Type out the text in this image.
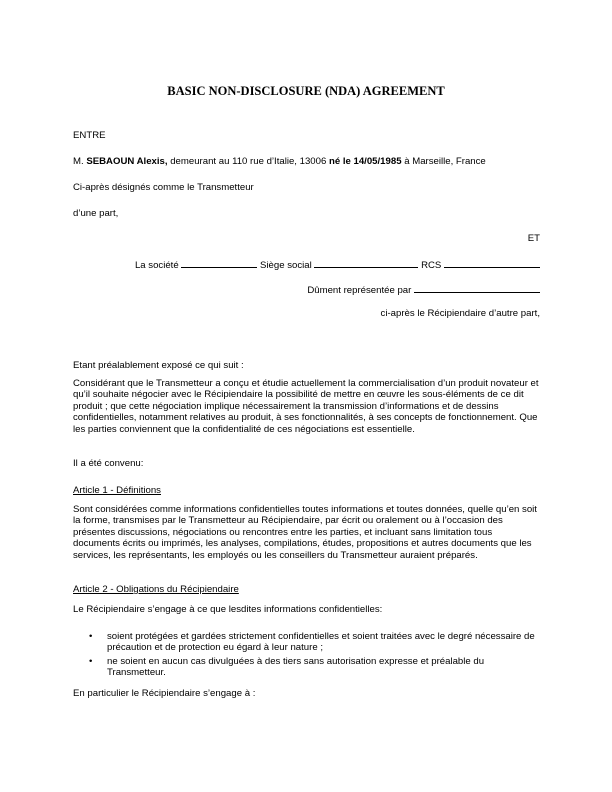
BASIC NON-DISCLOSURE (NDA) AGREEMENT
ENTRE
M. SEBAOUN Alexis, demeurant au 110 rue d’Italie, 13006 né le 14/05/1985 à Marseille, France
Ci-après désignés comme le Transmetteur
d’une part,
ET
La société	Siège social	RCS
Dûment représentée par
ci-après le Récipiendaire d’autre part,
Etant préalablement exposé ce qui suit :
Considérant que le Transmetteur a conçu et étudie actuellement la commercialisation d’un produit novateur et qu’il souhaite négocier avec le Récipiendaire la possibilité de mettre en œuvre les sous-éléments de ce dit produit ; que cette négociation implique nécessairement la transmission d’informations et de dessins confidentielles, notamment relatives au produit, à ses fonctionnalités, à ses concepts de fonctionnement. Que les parties conviennent que la confidentialité de ces négociations est essentielle.
Il a été convenu:
Article 1 - Définitions
Sont considérées comme informations confidentielles toutes informations et toutes données, quelle qu’en soit la forme, transmises par le Transmetteur au Récipiendaire, par écrit ou oralement ou à l’occasion des présentes discussions, négociations ou rencontres entre les parties, et incluant sans limitation tous documents écrits ou imprimés, les analyses, compilations, études, propositions et autres documents que les services, les représentants, les employés ou les conseillers du Transmetteur auraient préparés.
Article 2 - Obligations du Récipiendaire
Le Récipiendaire s’engage à ce que lesdites informations confidentielles:
• soient protégées et gardées strictement confidentielles et soient traitées avec le degré nécessaire de précaution et de protection eu égard à leur nature ;
• ne soient en aucun cas divulguées à des tiers sans autorisation expresse et préalable du Transmetteur.
En particulier le Récipiendaire s’engage à :
